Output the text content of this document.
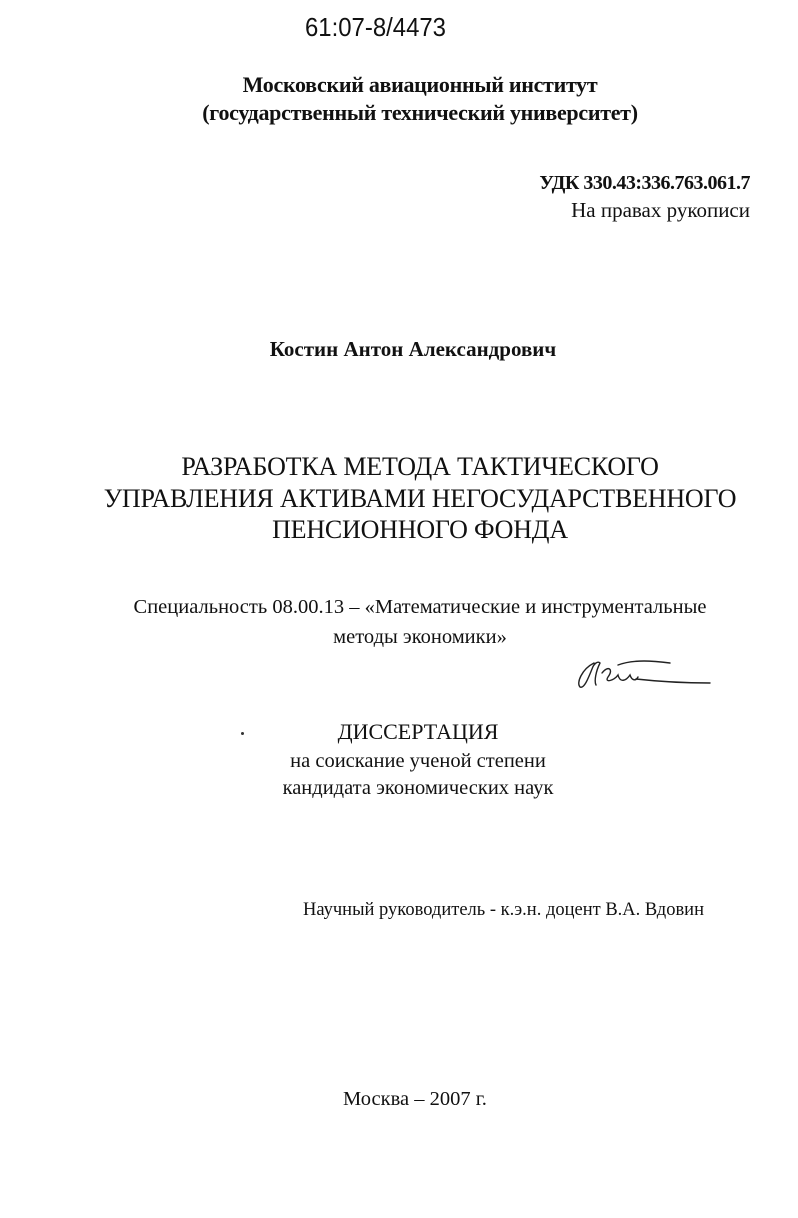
61:07-8/4473
Московский авиационный институт
(государственный технический университет)
УДК 330.43:336.763.061.7
На правах рукописи
Костин Антон Александрович
РАЗРАБОТКА МЕТОДА ТАКТИЧЕСКОГО
УПРАВЛЕНИЯ АКТИВАМИ НЕГОСУДАРСТВЕННОГО
ПЕНСИОННОГО ФОНДА
Специальность 08.00.13 – «Математические и инструментальные
методы экономики»
ДИССЕРТАЦИЯ
на соискание ученой степени
кандидата экономических наук
Научный руководитель - к.э.н. доцент В.А. Вдовин
Москва – 2007 г.
